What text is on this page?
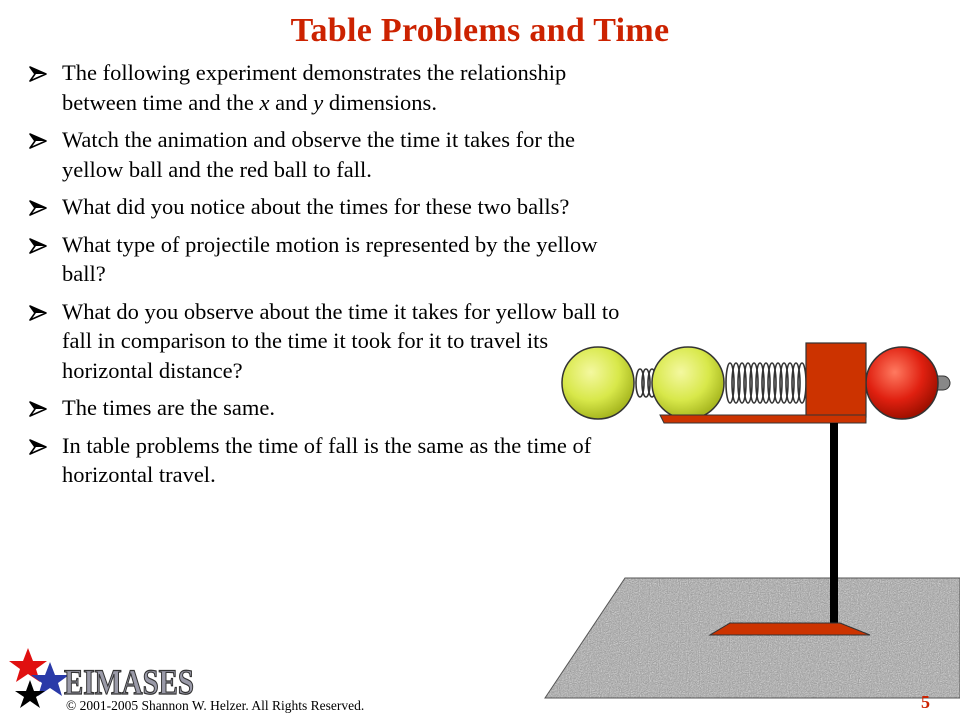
Table Problems and Time
The following experiment demonstrates the relationship between time and the x and y dimensions.
Watch the animation and observe the time it takes for the yellow ball and the red ball to fall.
What did you notice about the times for these two balls?
What type of projectile motion is represented by the yellow ball?
What do you observe about the time it takes for yellow ball to fall in comparison to the time it took for it to travel its horizontal distance?
The times are the same.
In table problems the time of fall is the same as the time of horizontal travel.
EIMASES
© 2001-2005 Shannon W. Helzer. All Rights Reserved.	5
